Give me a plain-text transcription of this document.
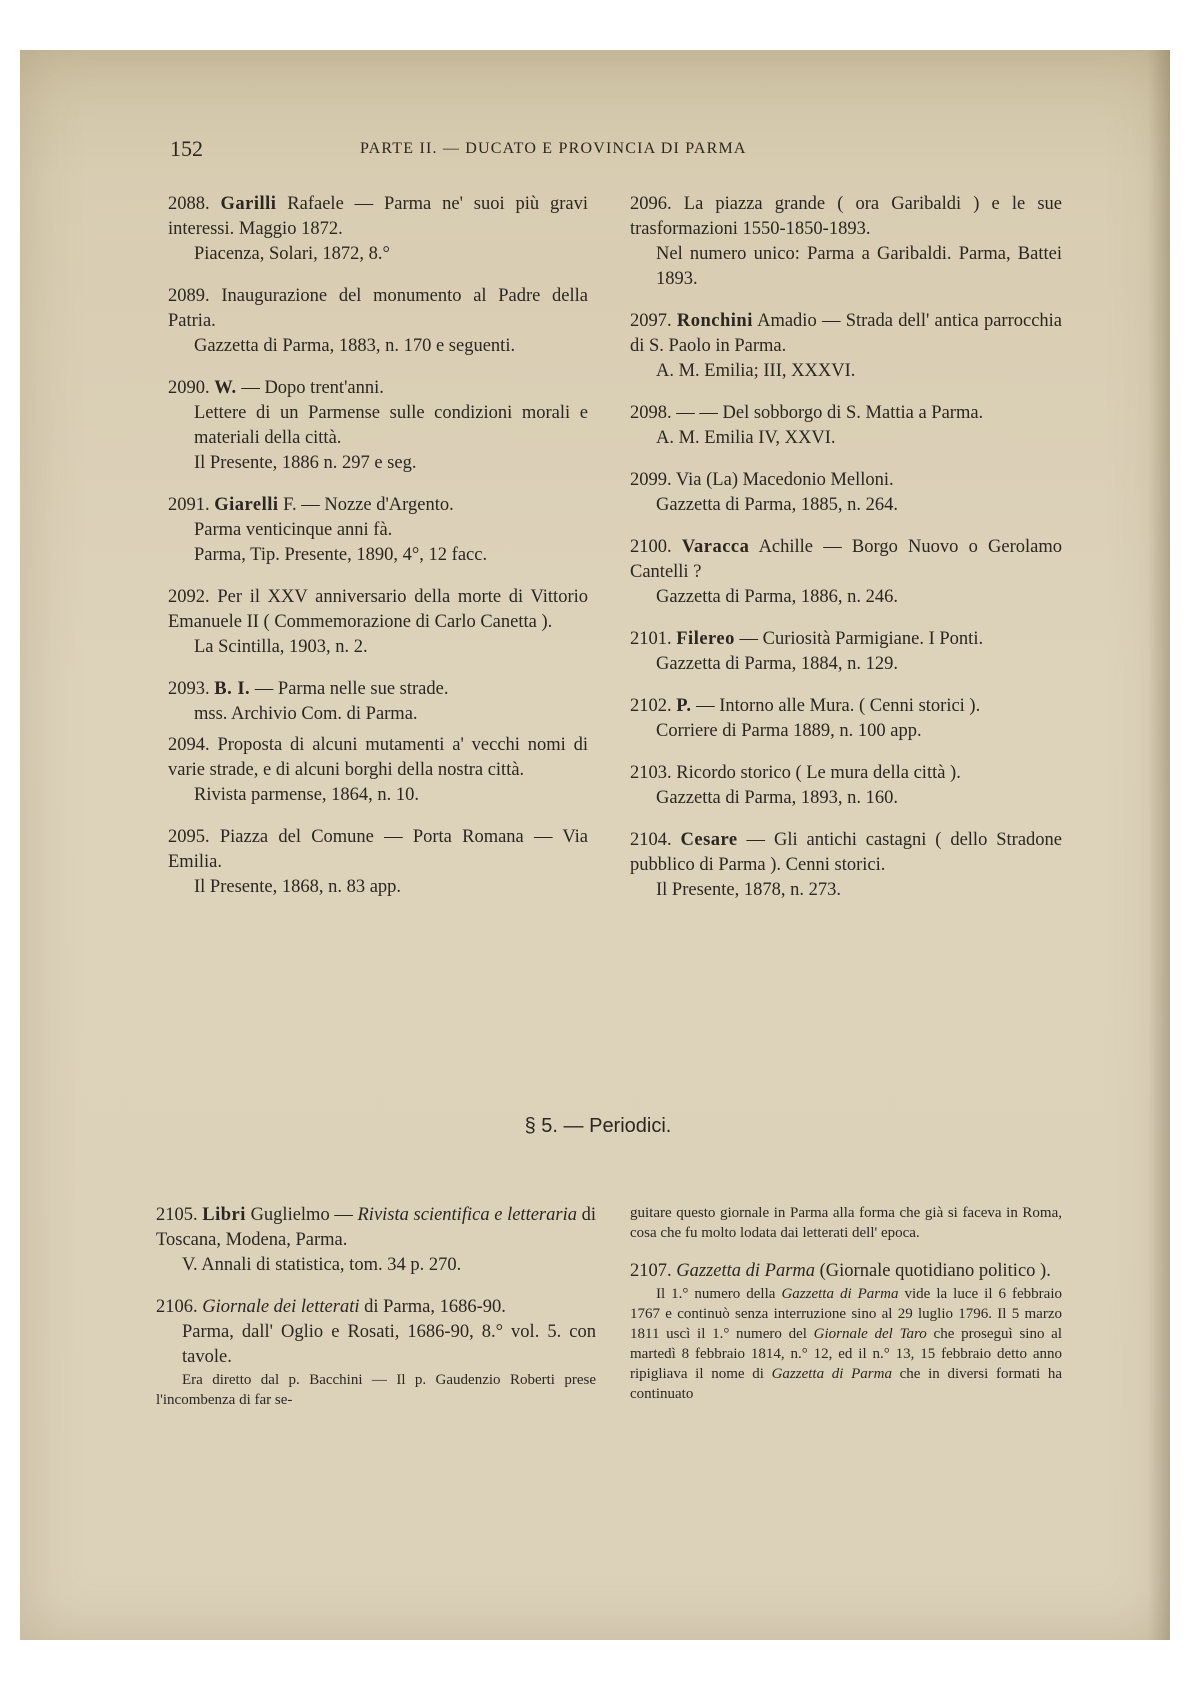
152	PARTE II. — DUCATO E PROVINCIA DI PARMA
2088. Garilli Rafaele — Parma ne' suoi più gravi interessi. Maggio 1872.
Piacenza, Solari, 1872, 8.°
2089. Inaugurazione del monumento al Padre della Patria.
Gazzetta di Parma, 1883, n. 170 e seguenti.
2090. W. — Dopo trent'anni.
Lettere di un Parmense sulle condizioni morali e materiali della città.
Il Presente, 1886 n. 297 e seg.
2091. Giarelli F. — Nozze d'Argento.
Parma venticinque anni fà.
Parma, Tip. Presente, 1890, 4°, 12 facc.
2092. Per il XXV anniversario della morte di Vittorio Emanuele II ( Commemorazione di Carlo Canetta ).
La Scintilla, 1903, n. 2.
2093. B. I. — Parma nelle sue strade.
mss. Archivio Com. di Parma.
2094. Proposta di alcuni mutamenti a' vecchi nomi di varie strade, e di alcuni borghi della nostra città.
Rivista parmense, 1864, n. 10.
2095. Piazza del Comune — Porta Romana — Via Emilia.
Il Presente, 1868, n. 83 app.
2096. La piazza grande ( ora Garibaldi ) e le sue trasformazioni 1550-1850-1893.
Nel numero unico: Parma a Garibaldi. Parma, Battei 1893.
2097. Ronchini Amadio — Strada dell' antica parrocchia di S. Paolo in Parma.
A. M. Emilia; III, XXXVI.
2098. — — Del sobborgo di S. Mattia a Parma.
A. M. Emilia IV, XXVI.
2099. Via (La) Macedonio Melloni.
Gazzetta di Parma, 1885, n. 264.
2100. Varacca Achille — Borgo Nuovo o Gerolamo Cantelli ?
Gazzetta di Parma, 1886, n. 246.
2101. Filereo — Curiosità Parmigiane. I Ponti.
Gazzetta di Parma, 1884, n. 129.
2102. P. — Intorno alle Mura. ( Cenni storici ).
Corriere di Parma 1889, n. 100 app.
2103. Ricordo storico ( Le mura della città ).
Gazzetta di Parma, 1893, n. 160.
2104. Cesare — Gli antichi castagni ( dello Stradone pubblico di Parma ). Cenni storici.
Il Presente, 1878, n. 273.
§ 5. — Periodici.
2105. Libri Guglielmo — Rivista scientifica e letteraria di Toscana, Modena, Parma.
V. Annali di statistica, tom. 34 p. 270.
2106. Giornale dei letterati di Parma, 1686-90.
Parma, dall' Oglio e Rosati, 1686-90, 8.° vol. 5. con tavole.
Era diretto dal p. Bacchini — Il p. Gaudenzio Roberti prese l'incombenza di far se-
guitare questo giornale in Parma alla forma che già si faceva in Roma, cosa che fu molto lodata dai letterati dell' epoca.
2107. Gazzetta di Parma (Giornale quotidiano politico ).
Il 1.° numero della Gazzetta di Parma vide la luce il 6 febbraio 1767 e continuò senza interruzione sino al 29 luglio 1796. Il 5 marzo 1811 uscì il 1.° numero del Giornale del Taro che proseguì sino al martedì 8 febbraio 1814, n.° 12, ed il n.° 13, 15 febbraio detto anno ripigliava il nome di Gazzetta di Parma che in diversi formati ha continuato
